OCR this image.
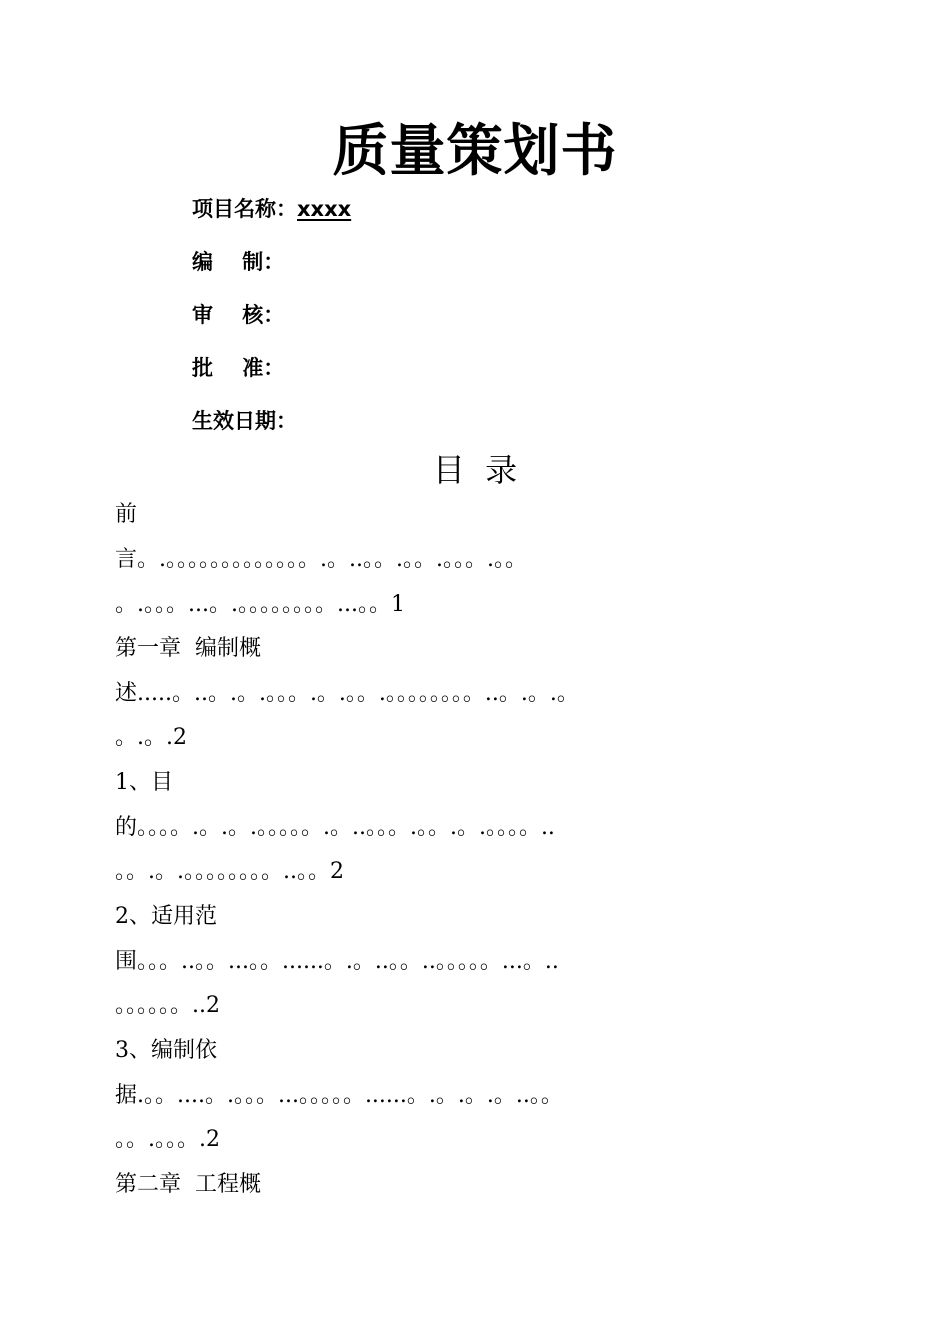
质量策划书
项目名称：xxxx
编    制：
审    核：
批    准：
生效日期：
目  录
前
言。.。。。。。。。。。。。。。.。..。。.。。.。。。.。。
。.。。。...。.。。。。。。。。...。。1
第一章  编制概
述.....。..。.。.。。。.。.。。.。。。。。。。。..。.。.。
。.。.2
1、目
的。。。。.。.。.。。。。。.。..。。。.。。.。.。。。。..
。。.。.。。。。。。。。..。。2
2、适用范
围。。。..。。...。。......。.。..。。..。。。。。...。..
。。。。。。..2
3、编制依
据.。。....。.。。。...。。。。。......。.。.。.。..。。
。。.。。。.2
第二章  工程概
